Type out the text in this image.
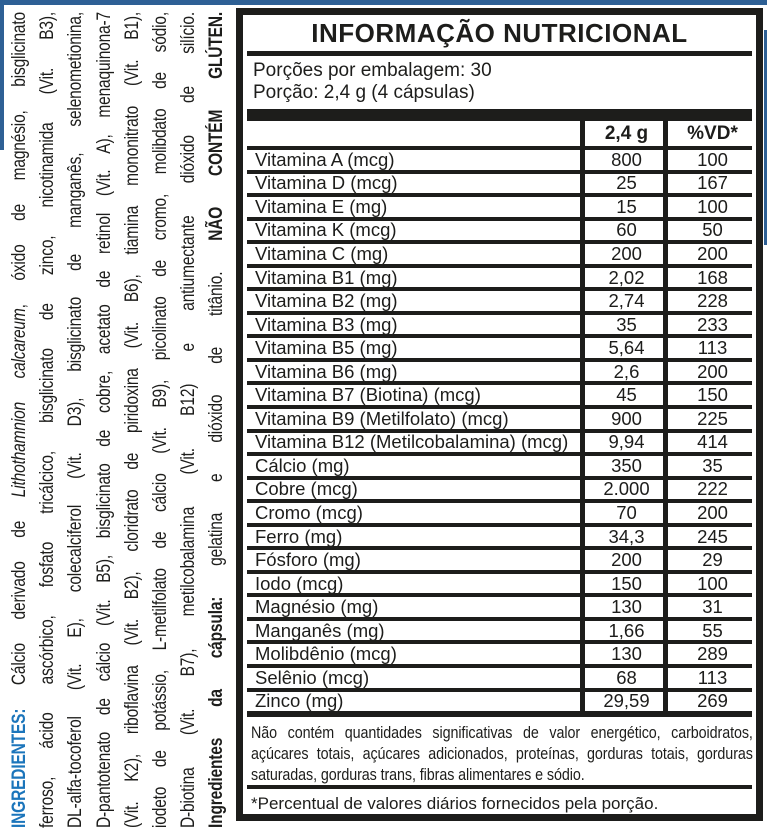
INGREDIENTES: Cálcio derivado de Lithothamnion calcareum, óxido de magnésio, bisglicinato ferroso, ácido ascórbico, fosfato tricálcico, bisglicinato de zinco, nicotinamida (Vit. B3), DL-alfa-tocoferol (Vit. E), colecalciferol (Vit. D3), bisglicinato de manganês, selenometionina, D-pantotenato de cálcio (Vit. B5), bisglicinato de cobre, acetato de retinol (Vit. A), menaquinona-7 (Vit. K2), riboflavina (Vit. B2), cloridrato de piridoxina (Vit. B6), tiamina mononitrato (Vit. B1), iodeto de potássio, L-metilfolato de cálcio (Vit. B9), picolinato de cromo, molibdato de sódio, D-biotina (Vit. B7), metilcobalamina (Vit. B12) e antiumectante dióxido de silício. Ingredientes da cápsula: gelatina e dióxido de titânio. NÃO CONTÉM GLÚTEN.	INFORMAÇÃO NUTRICIONAL
Porções por embalagem: 30
Porção: 2,4 g (4 cápsulas)
2,4 g	%VD*
Vitamina A (mcg)	800	100
Vitamina D (mcg)	25	167
Vitamina E (mg)	15	100
Vitamina K (mcg)	60	50
Vitamina C (mg)	200	200
Vitamina B1 (mg)	2,02	168
Vitamina B2 (mg)	2,74	228
Vitamina B3 (mg)	35	233
Vitamina B5 (mg)	5,64	113
Vitamina B6 (mg)	2,6	200
Vitamina B7 (Biotina) (mcg)	45	150
Vitamina B9 (Metilfolato) (mcg)	900	225
Vitamina B12 (Metilcobalamina) (mcg)	9,94	414
Cálcio (mg)	350	35
Cobre (mcg)	2.000	222
Cromo (mcg)	70	200
Ferro (mg)	34,3	245
Fósforo (mg)	200	29
Iodo (mcg)	150	100
Magnésio (mg)	130	31
Manganês (mg)	1,66	55
Molibdênio (mcg)	130	289
Selênio (mcg)	68	113
Zinco (mg)	29,59	269
Não contém quantidades significativas de valor energético, carboidratos, açúcares totais, açúcares adicionados, proteínas, gorduras totais, gorduras saturadas, gorduras trans, fibras alimentares e sódio.
*Percentual de valores diários fornecidos pela porção.
